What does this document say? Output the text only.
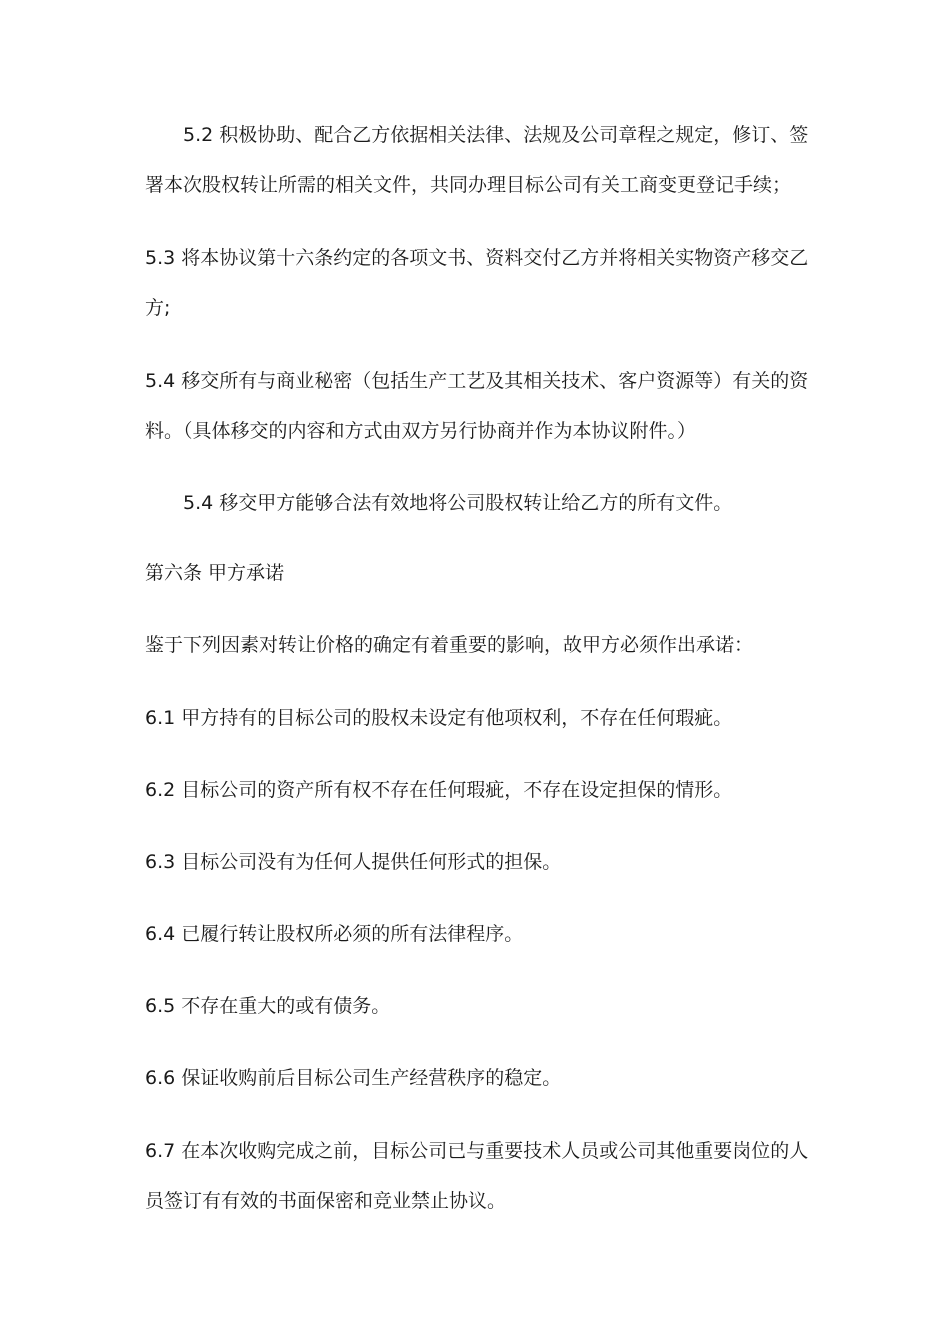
5.2 积极协助、配合乙方依据相关法律、法规及公司章程之规定，修订、签署本次股权转让所需的相关文件，共同办理目标公司有关工商变更登记手续；

5.3 将本协议第十六条约定的各项文书、资料交付乙方并将相关实物资产移交乙方;

5.4 移交所有与商业秘密（包括生产工艺及其相关技术、客户资源等）有关的资料。（具体移交的内容和方式由双方另行协商并作为本协议附件。）

5.4 移交甲方能够合法有效地将公司股权转让给乙方的所有文件。

第六条 甲方承诺

鉴于下列因素对转让价格的确定有着重要的影响，故甲方必须作出承诺：

6.1 甲方持有的目标公司的股权未设定有他项权利，不存在任何瑕疵。

6.2 目标公司的资产所有权不存在任何瑕疵，不存在设定担保的情形。

6.3 目标公司没有为任何人提供任何形式的担保。

6.4 已履行转让股权所必须的所有法律程序。

6.5 不存在重大的或有债务。

6.6 保证收购前后目标公司生产经营秩序的稳定。

6.7 在本次收购完成之前，目标公司已与重要技术人员或公司其他重要岗位的人员签订有有效的书面保密和竞业禁止协议。
